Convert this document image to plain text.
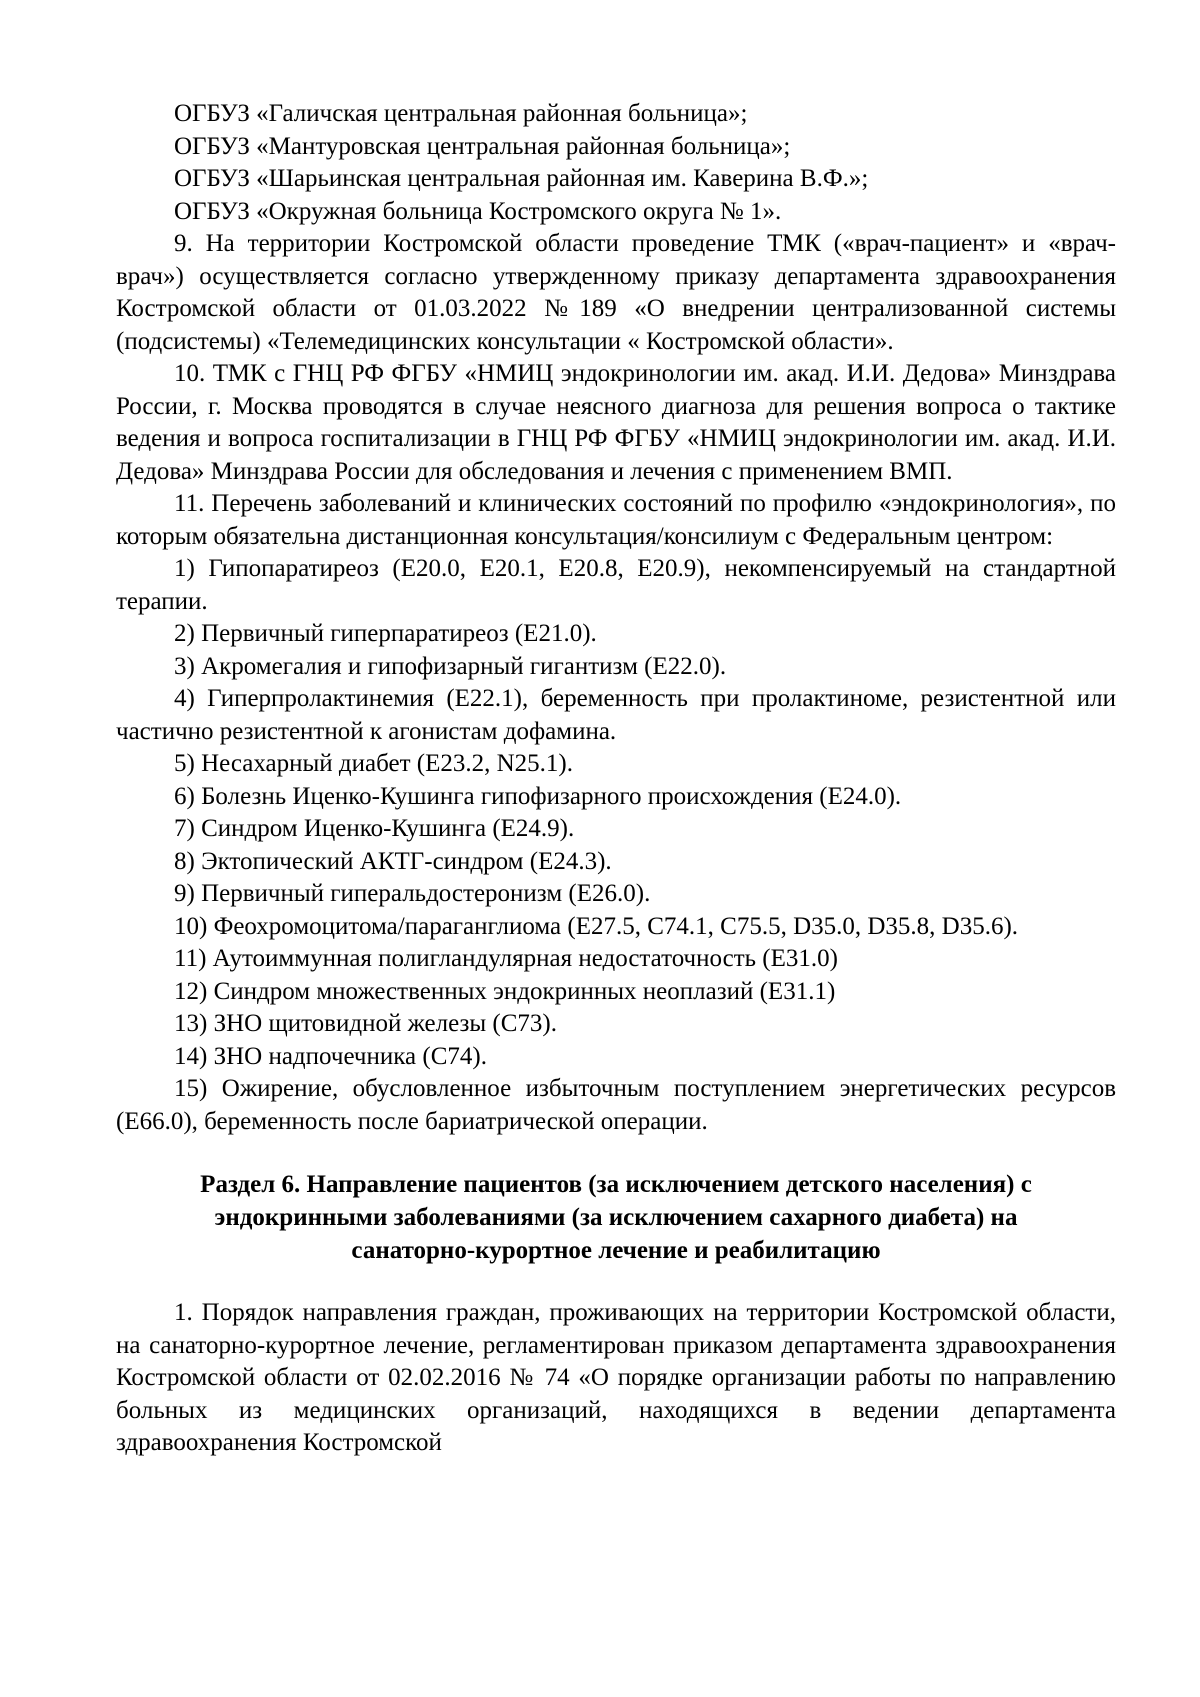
ОГБУЗ «Галичская центральная районная больница»;

ОГБУЗ «Мантуровская центральная районная больница»;

ОГБУЗ «Шарьинская центральная районная им. Каверина В.Ф.»;

ОГБУЗ «Окружная больница Костромского округа № 1».

9. На территории Костромской области проведение ТМК («врач-пациент» и «врач-врач») осуществляется согласно утвержденному приказу департамента здравоохранения Костромской области от 01.03.2022 №189 «О внедрении централизованной системы (подсистемы) «Телемедицинских консультации « Костромской области».

10. ТМК с ГНЦ РФ ФГБУ «НМИЦ эндокринологии им. акад. И.И. Дедова» Минздрава России, г. Москва проводятся в случае неясного диагноза для решения вопроса о тактике ведения и вопроса госпитализации в ГНЦ РФ ФГБУ «НМИЦ эндокринологии им. акад. И.И. Дедова» Минздрава России для обследования и лечения с применением ВМП.

11. Перечень заболеваний и клинических состояний по профилю «эндокринология», по которым обязательна дистанционная консультация/консилиум с Федеральным центром:

1) Гипопаратиреоз (E20.0, E20.1, E20.8, E20.9), некомпенсируемый на стандартной терапии.

2) Первичный гиперпаратиреоз (E21.0).

3) Акромегалия и гипофизарный гигантизм (E22.0).

4) Гиперпролактинемия (E22.1), беременность при пролактиноме, резистентной или частично резистентной к агонистам дофамина.

5) Несахарный диабет (E23.2, N25.1).

6) Болезнь Иценко-Кушинга гипофизарного происхождения (E24.0).

7) Синдром Иценко-Кушинга (E24.9).

8) Эктопический АКТГ-синдром (E24.3).

9) Первичный гиперальдостеронизм (E26.0).

10) Феохромоцитома/параганглиома (E27.5, C74.1, C75.5, D35.0, D35.8, D35.6).

11) Аутоиммунная полигландулярная недостаточность (E31.0)

12) Синдром множественных эндокринных неоплазий (E31.1)

13) ЗНО щитовидной железы (C73).

14) ЗНО надпочечника (C74).

15) Ожирение, обусловленное избыточным поступлением энергетических ресурсов (E66.0), беременность после бариатрической операции.

Раздел 6. Направление пациентов (за исключением детского населения) с
эндокринными заболеваниями (за исключением сахарного диабета) на
санаторно-курортное лечение и реабилитацию

1. Порядок направления граждан, проживающих на территории Костромской области, на санаторно-курортное лечение, регламентирован приказом департамента здравоохранения Костромской области от 02.02.2016 № 74 «О порядке организации работы по направлению больных из медицинских организаций, находящихся в ведении департамента здравоохранения Костромской
